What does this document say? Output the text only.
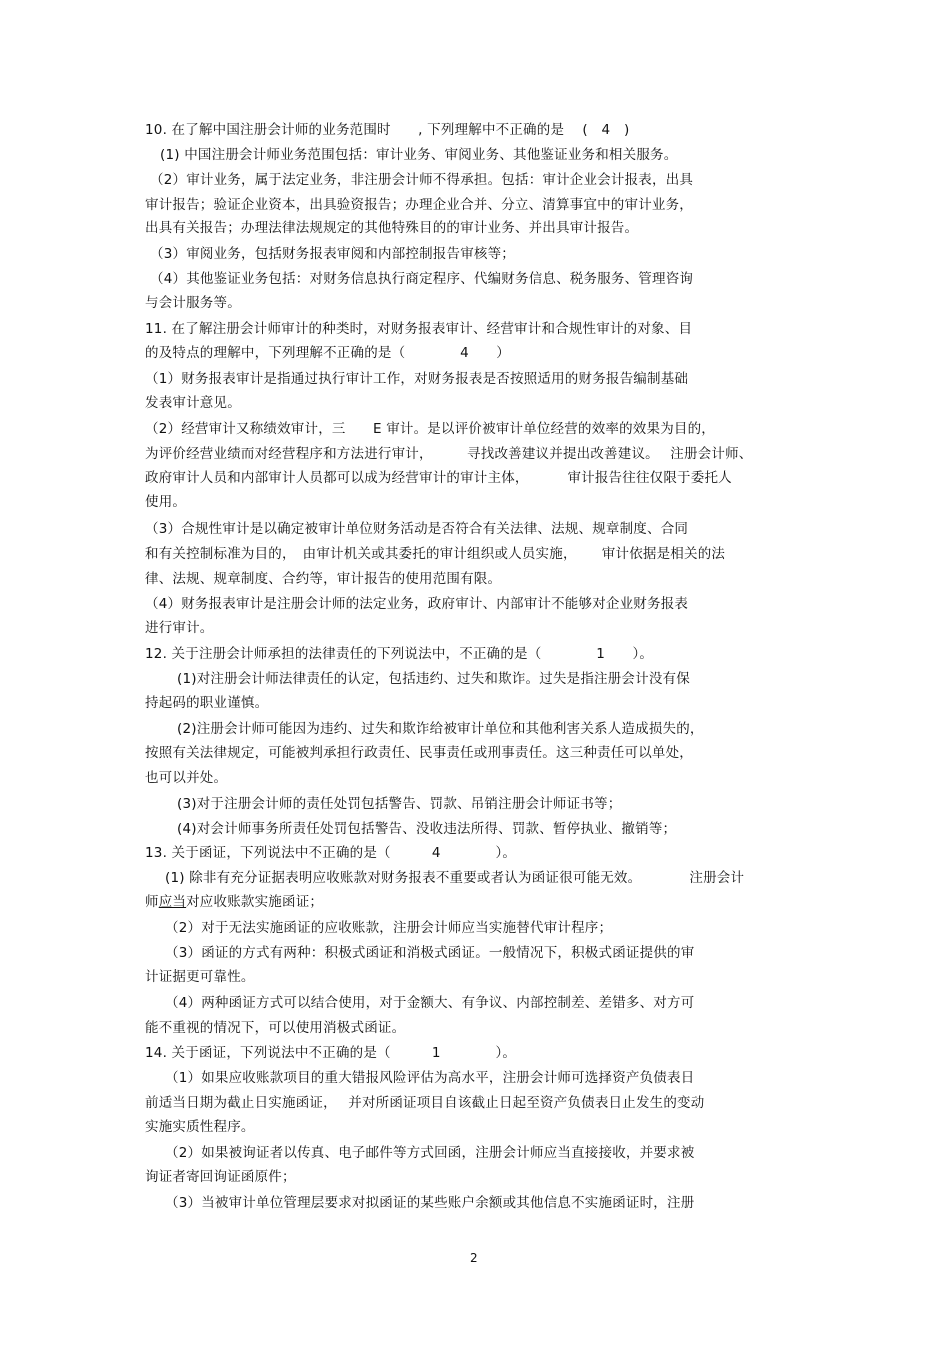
10. 在了解中国注册会计师的业务范围时　　, 下列理解中不正确的是　 (　4　)
(1) 中国注册会计师业务范围包括：审计业务、审阅业务、其他鉴证业务和相关服务。
（2）审计业务，属于法定业务，非注册会计师不得承担。包括：审计企业会计报表，出具
审计报告；验证企业资本，出具验资报告；办理企业合并、分立、清算事宜中的审计业务，
出具有关报告；办理法律法规规定的其他特殊目的的审计业务、并出具审计报告。
（3）审阅业务，包括财务报表审阅和内部控制报告审核等；
（4）其他鉴证业务包括：对财务信息执行商定程序、代编财务信息、税务服务、管理咨询
与会计服务等。
11. 在了解注册会计师审计的种类时，对财务报表审计、经营审计和合规性审计的对象、目
的及特点的理解中，下列理解不正确的是（　　　　4　　）
（1）财务报表审计是指通过执行审计工作，对财务报表是否按照适用的财务报告编制基础
发表审计意见。
（2）经营审计又称绩效审计，三　　E 审计。是以评价被审计单位经营的效率的效果为目的，
为评价经营业绩而对经营程序和方法进行审计，　　　寻找改善建议并提出改善建议。　 注册会计师、
政府审计人员和内部审计人员都可以成为经营审计的审计主体，　　　 审计报告往往仅限于委托人
使用。
（3）合规性审计是以确定被审计单位财务活动是否符合有关法律、法规、规章制度、合同
和有关控制标准为目的，　由审计机关或其委托的审计组织或人员实施，　　 审计依据是相关的法
律、法规、规章制度、合约等，审计报告的使用范围有限。
（4）财务报表审计是注册会计师的法定业务，政府审计、内部审计不能够对企业财务报表
进行审计。
12. 关于注册会计师承担的法律责任的下列说法中，不正确的是（　　　　1　　）。
(1)对注册会计师法律责任的认定，包括违约、过失和欺诈。过失是指注册会计没有保
持起码的职业谨慎。
(2)注册会计师可能因为违约、过失和欺诈给被审计单位和其他利害关系人造成损失的，
按照有关法律规定，可能被判承担行政责任、民事责任或刑事责任。这三种责任可以单处，
也可以并处。
(3)对于注册会计师的责任处罚包括警告、罚款、吊销注册会计师证书等；
(4)对会计师事务所责任处罚包括警告、没收违法所得、罚款、暂停执业、撤销等；
13. 关于函证，下列说法中不正确的是（　　　4　　　　）。
(1) 除非有充分证据表明应收账款对财务报表不重要或者认为函证很可能无效。　　　　注册会计
师应当对应收账款实施函证；
（2）对于无法实施函证的应收账款，注册会计师应当实施替代审计程序；
（3）函证的方式有两种：积极式函证和消极式函证。一般情况下，积极式函证提供的审
计证据更可靠性。
（4）两种函证方式可以结合使用，对于金额大、有争议、内部控制差、差错多、对方可
能不重视的情况下，可以使用消极式函证。
14. 关于函证，下列说法中不正确的是（　　　1　　　　）。
（1）如果应收账款项目的重大错报风险评估为高水平，注册会计师可选择资产负债表日
前适当日期为截止日实施函证，　 并对所函证项目自该截止日起至资产负债表日止发生的变动
实施实质性程序。
（2）如果被询证者以传真、电子邮件等方式回函，注册会计师应当直接接收，并要求被
询证者寄回询证函原件；
（3）当被审计单位管理层要求对拟函证的某些账户余额或其他信息不实施函证时，注册
2
